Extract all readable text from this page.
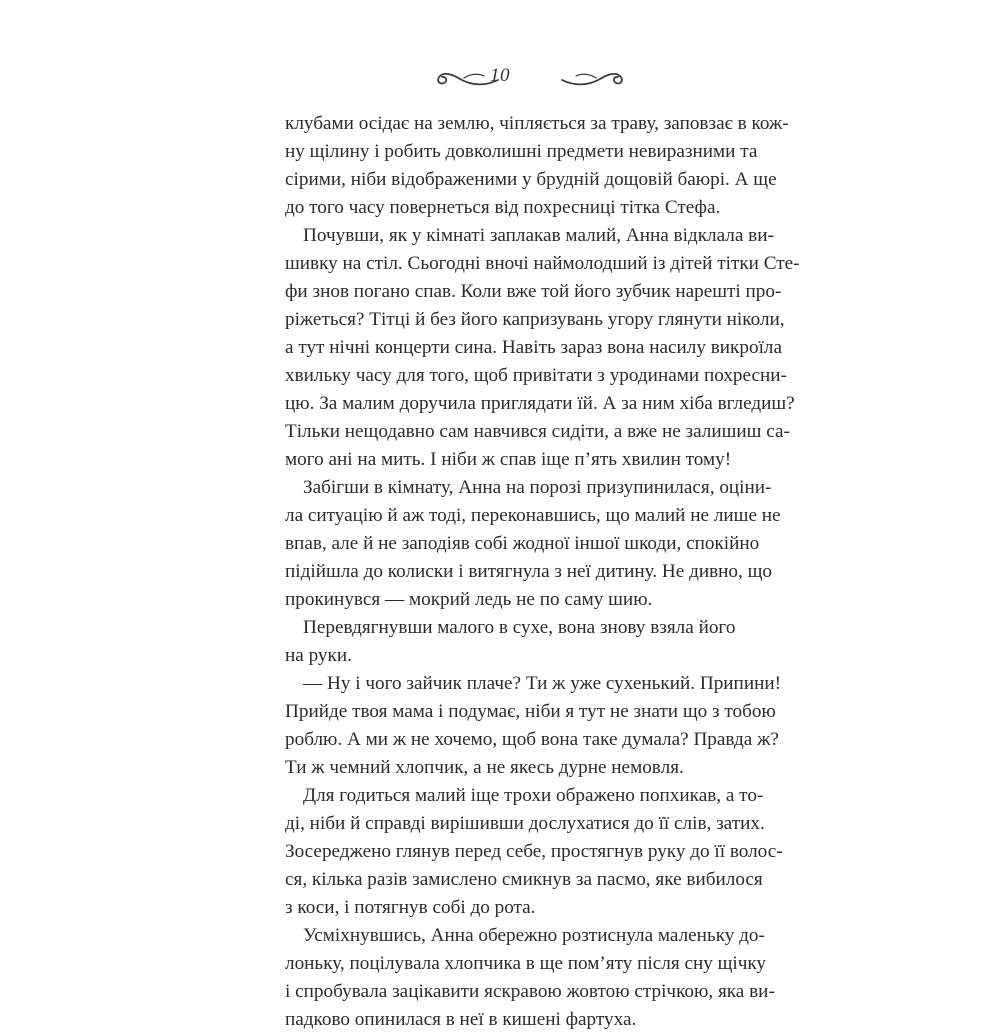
10
клубами осідає на землю, чіпляється за траву, заповзає в кож-
ну щілину і робить довколишні предмети невиразними та
сірими, ніби відображеними у брудній дощовій баюрі. А ще
до того часу повернеться від похресниці тітка Стефа.
Почувши, як у кімнаті заплакав малий, Анна відклала ви-
шивку на стіл. Сьогодні вночі наймолодший із дітей тітки Сте-
фи знов погано спав. Коли вже той його зубчик нарешті про-
ріжеться? Тітці й без його капризувань угору глянути ніколи,
а тут нічні концерти сина. Навіть зараз вона насилу викроїла
хвильку часу для того, щоб привітати з уродинами похресни-
цю. За малим доручила приглядати їй. А за ним хіба вгледиш?
Тільки нещодавно сам навчився сидіти, а вже не залишиш са-
мого ані на мить. І ніби ж спав іще п’ять хвилин тому!
Забігши в кімнату, Анна на порозі призупинилася, оціни-
ла ситуацію й аж тоді, переконавшись, що малий не лише не
впав, але й не заподіяв собі жодної іншої шкоди, спокійно
підійшла до колиски і витягнула з неї дитину. Не дивно, що
прокинувся — мокрий ледь не по саму шию.
Перевдягнувши малого в сухе, вона знову взяла його
на руки.
— Ну і чого зайчик плаче? Ти ж уже сухенький. Припини!
Прийде твоя мама і подумає, ніби я тут не знати що з тобою
роблю. А ми ж не хочемо, щоб вона таке думала? Правда ж?
Ти ж чемний хлопчик, а не якесь дурне немовля.
Для годиться малий іще трохи ображено попхикав, а то-
ді, ніби й справді вирішивши дослухатися до її слів, затих.
Зосереджено глянув перед себе, простягнув руку до її волос-
ся, кілька разів замислено смикнув за пасмо, яке вибилося
з коси, і потягнув собі до рота.
Усміхнувшись, Анна обережно розтиснула маленьку до-
лоньку, поцілувала хлопчика в ще пом’яту після сну щічку
і спробувала зацікавити яскравою жовтою стрічкою, яка ви-
падково опинилася в неї в кишені фартуха.
